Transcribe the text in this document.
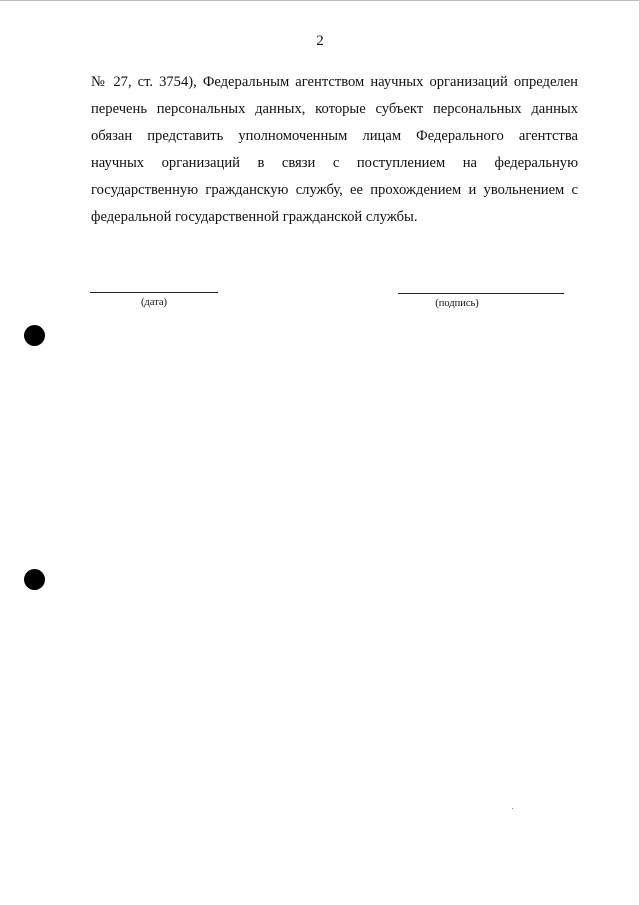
2
№ 27, ст. 3754), Федеральным агентством научных организаций определен
перечень персональных данных, которые субъект персональных данных
обязан представить уполномоченным лицам Федерального агентства
научных организаций в связи с поступлением на федеральную
государственную гражданскую службу, ее прохождением и увольнением с
федеральной государственной гражданской службы.
(дата)	(подпись)
